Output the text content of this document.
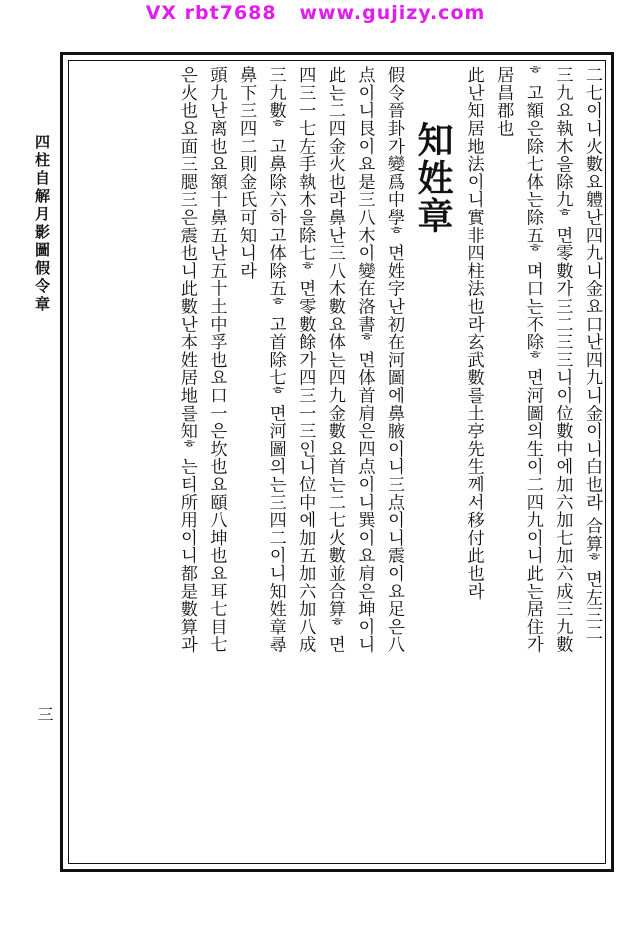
VX rbt7688   www.gujizy.com
四柱自解月影圖假令章
三
二七이니火數요軆난四九니金요口난四九니金이니白也라 合算ᄒ면左三二
三九요執木을除九ᄒ면零數가三二三三니이位數中에加六加七加六成三九數
ᄒ고額은除七体는除五ᄒ며口는不除ᄒ면河圖의生이二四九이니此는居住가
居昌郡也
此난知居地法이니實非四柱法也라玄武數를土亭先生께서移付此也라
知姓章
假令晉卦가變爲中學ᄒ면姓字난初在河圖에鼻腋이니三点이니震이요足은八
点이니艮이요是三八木이變在洛書ᄒ면体首肩은四点이니巽이요肩은坤이니
此는二四金火也라鼻난三八木數요体는四九金數요首는二七火數並合算ᄒ면
四三一七左手執木을除七ᄒ면零數餘가四三一三인니位中에加五加六加八成
三九數ᄒ고鼻除六하고体除五ᄒ고首除七ᄒ면河圖의는三四二이니知姓章尋
鼻下三四二則金氏可知니라
頭九난离也요額十鼻五난五十土中孚也요口一은坎也요頤八坤也요耳七目七
은火也요面三腮三은震也니此數난本姓居地를知ᄒ는티所用이니都是數算과
